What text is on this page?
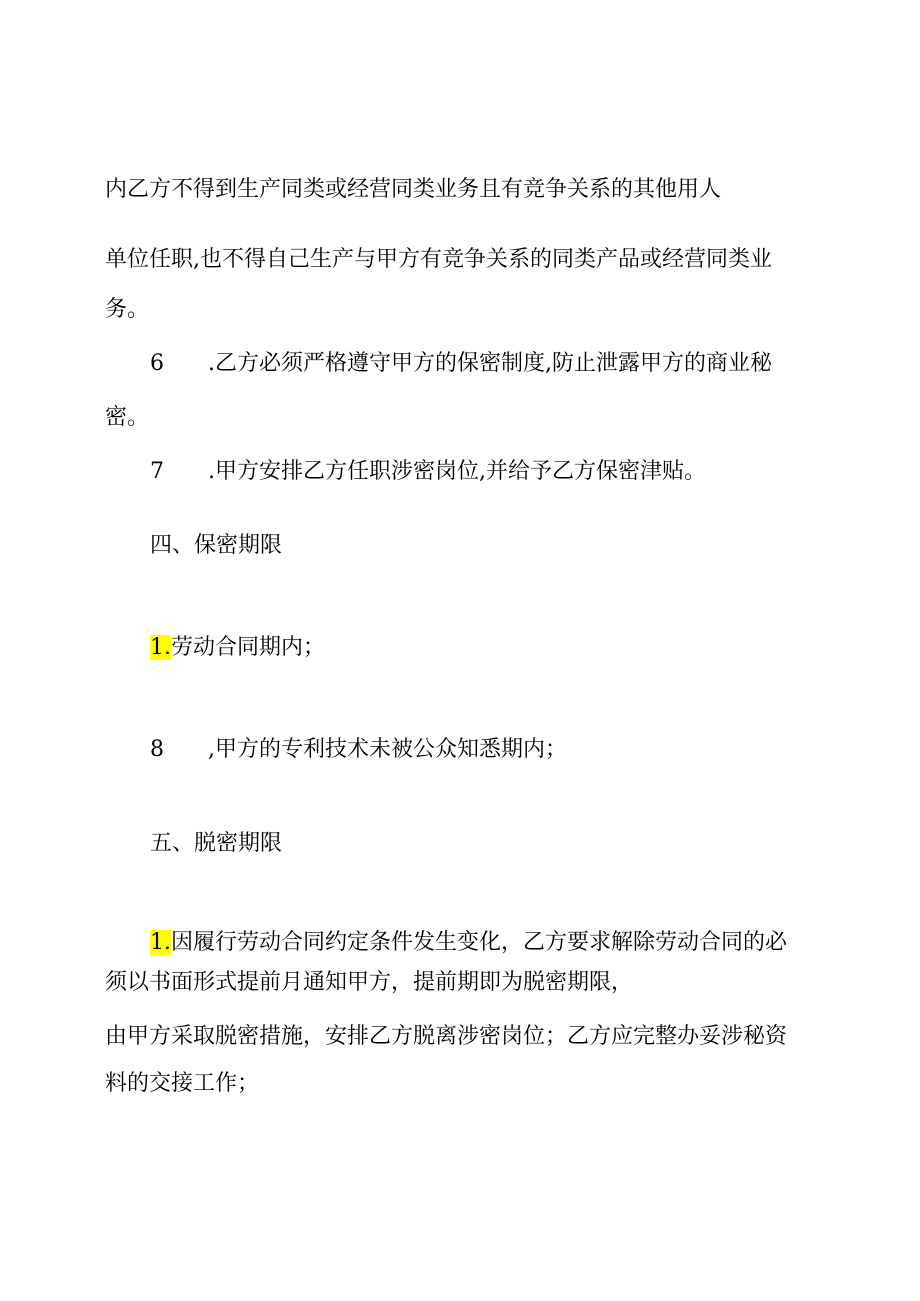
内乙方不得到生产同类或经营同类业务且有竞争关系的其他用人
单位任职,也不得自己生产与甲方有竞争关系的同类产品或经营同类业
务。
6 .乙方必须严格遵守甲方的保密制度,防止泄露甲方的商业秘
密。
7 .甲方安排乙方任职涉密岗位,并给予乙方保密津贴。
四、保密期限
1.劳动合同期内；
8 ,甲方的专利技术未被公众知悉期内；
五、脱密期限
1.因履行劳动合同约定条件发生变化，乙方要求解除劳动合同的必
须以书面形式提前月通知甲方，提前期即为脱密期限，
由甲方采取脱密措施，安排乙方脱离涉密岗位；乙方应完整办妥涉秘资
料的交接工作；
